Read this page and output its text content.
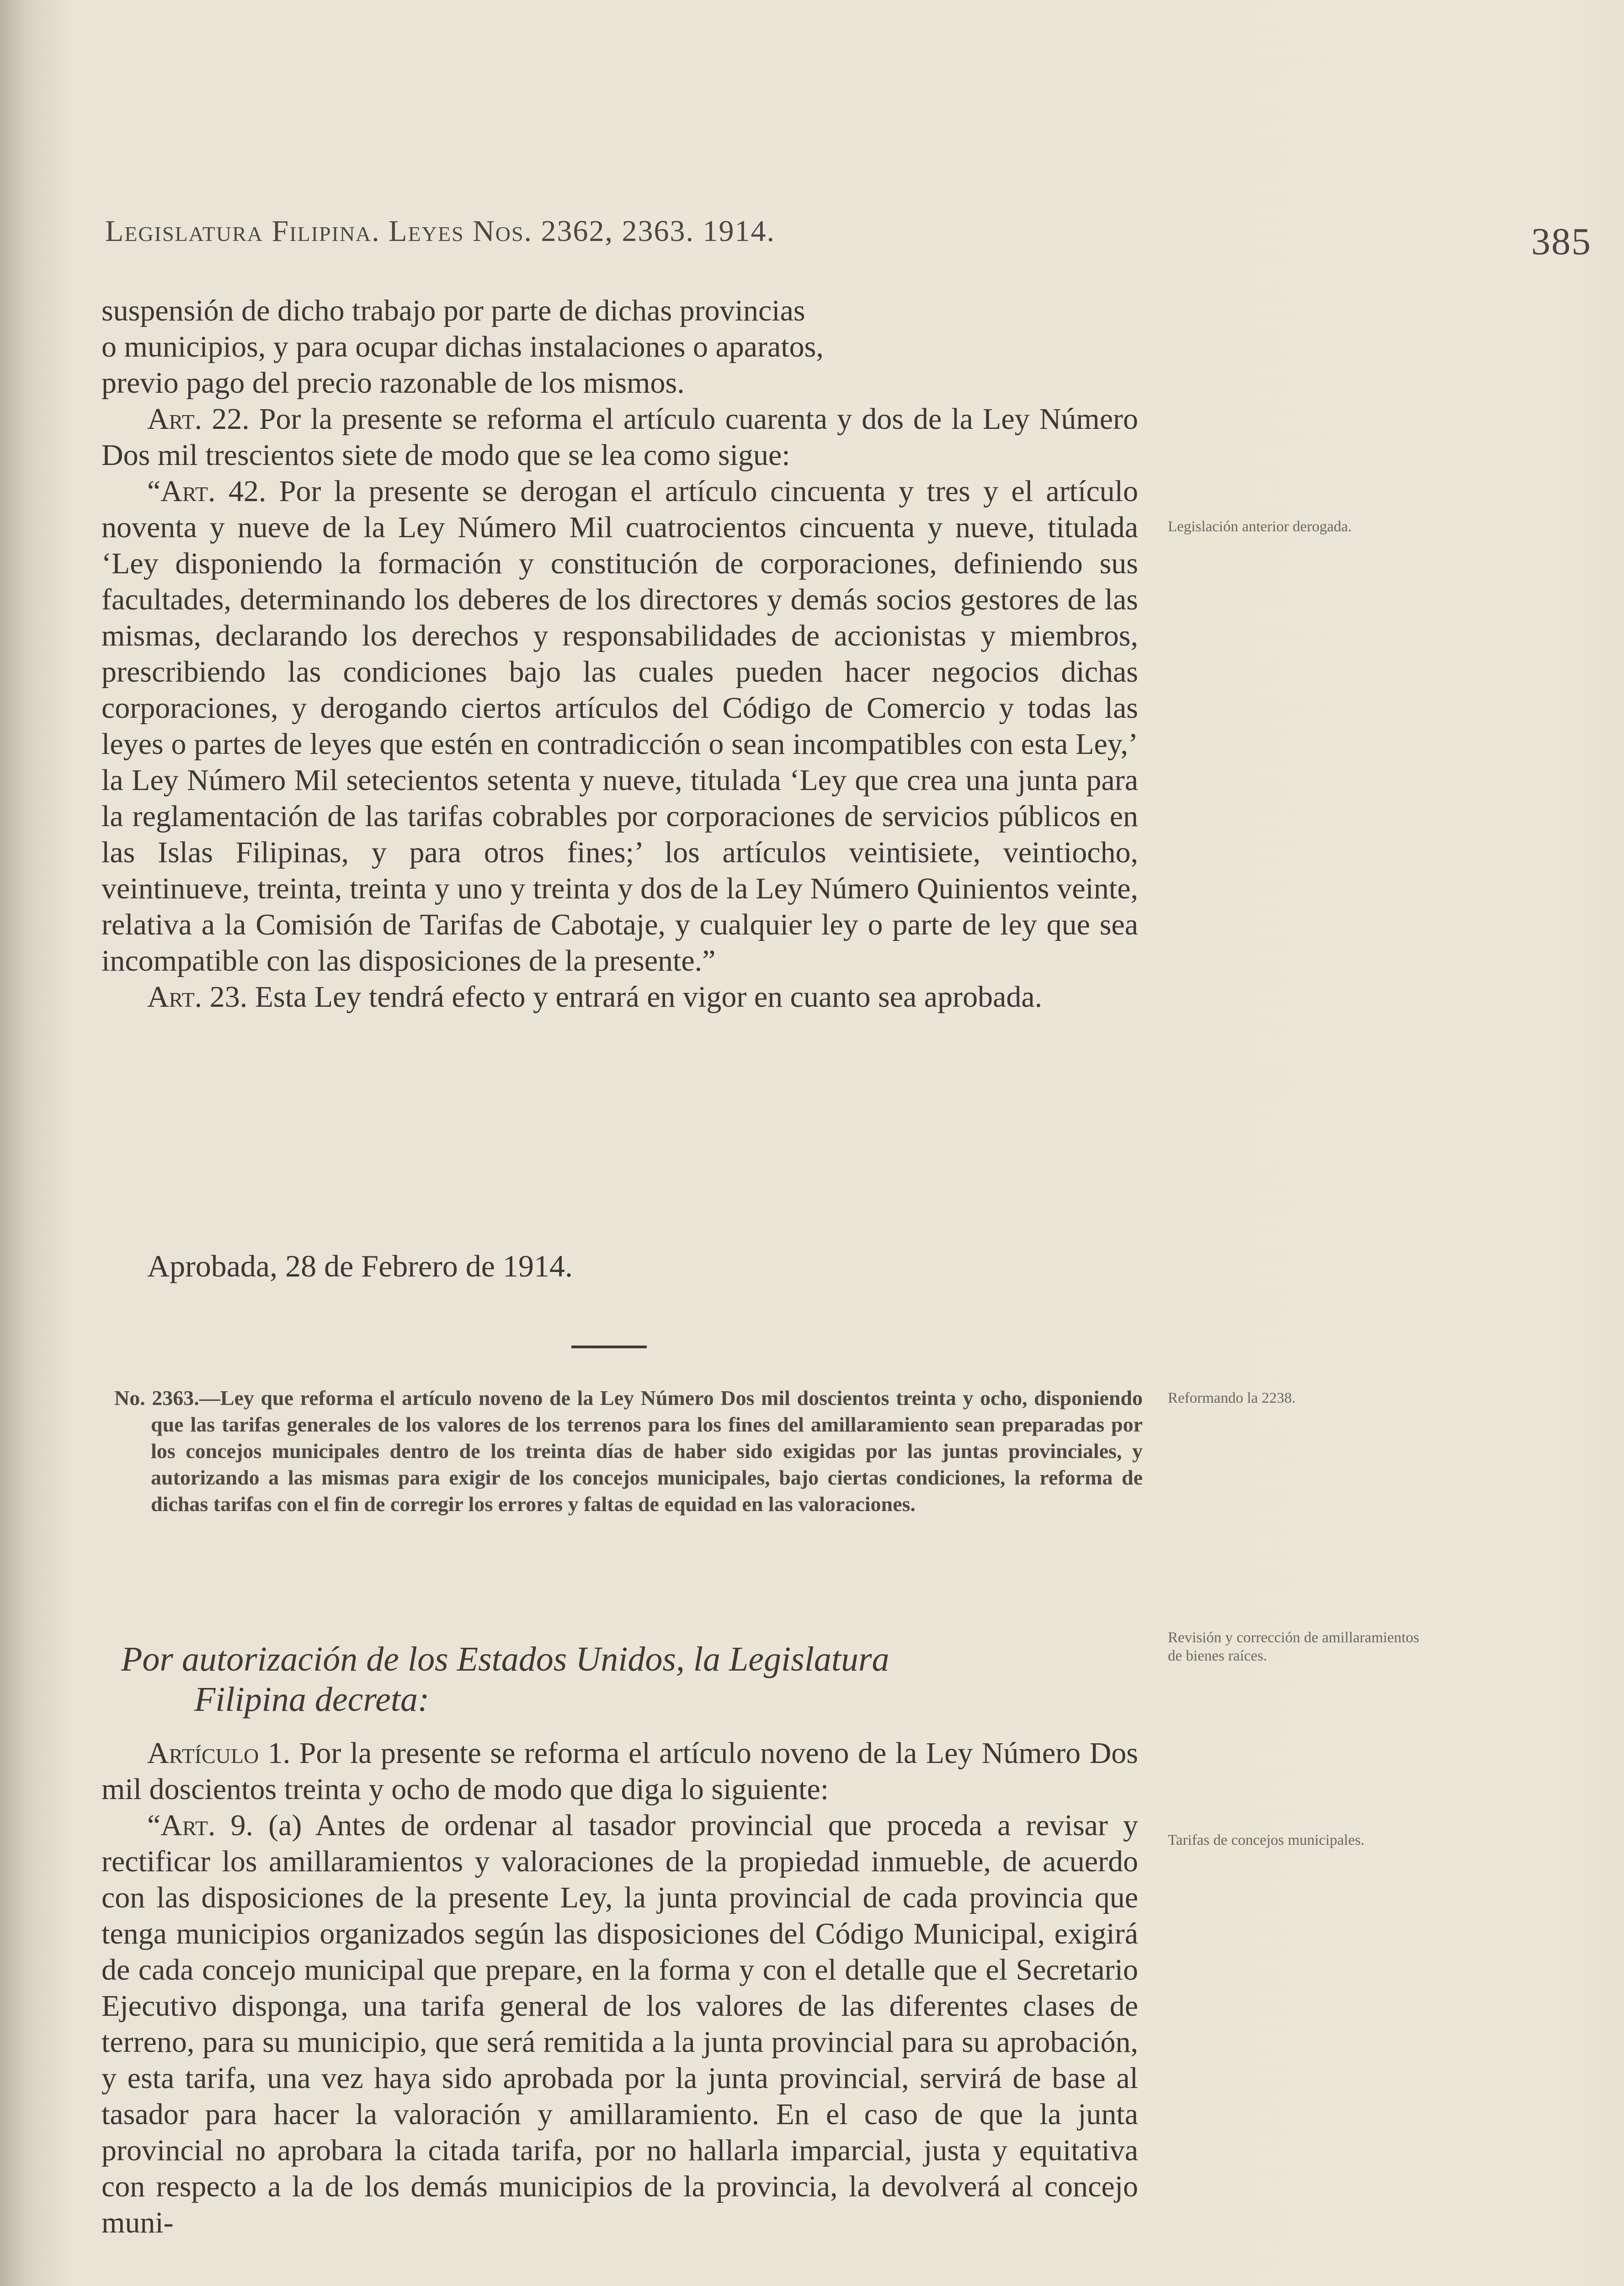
Legislatura Filipina. Leyes Nos. 2362, 2363. 1914.	385

suspensión de dicho trabajo por parte de dichas provincias

o municipios, y para ocupar dichas instalaciones o aparatos,

previo pago del precio razonable de los mismos.

Art. 22. Por la presente se reforma el artículo cuarenta y dos de la Ley Número Dos mil trescientos siete de modo que se lea como sigue:

“Art. 42. Por la presente se derogan el artículo cincuenta y tres y el artículo noventa y nueve de la Ley Número Mil cuatrocientos cincuenta y nueve, titulada ‘Ley disponiendo la formación y constitución de corporaciones, definiendo sus facultades, determinando los deberes de los directores y demás socios gestores de las mismas, declarando los derechos y responsabilidades de accionistas y miembros, prescribiendo las condiciones bajo las cuales pueden hacer negocios dichas corporaciones, y derogando ciertos artículos del Código de Comercio y todas las leyes o partes de leyes que estén en contradicción o sean incompatibles con esta Ley,’ la Ley Número Mil setecientos setenta y nueve, titulada ‘Ley que crea una junta para la reglamentación de las tarifas cobrables por corporaciones de servicios públicos en las Islas Filipinas, y para otros fines;’ los artículos veintisiete, veintiocho, veintinueve, treinta, treinta y uno y treinta y dos de la Ley Número Quinientos veinte, relativa a la Comisión de Tarifas de Cabotaje, y cualquier ley o parte de ley que sea incompatible con las disposiciones de la presente.”

Art. 23. Esta Ley tendrá efecto y entrará en vigor en cuanto sea aprobada.

Aprobada, 28 de Febrero de 1914.
No. 2363.—Ley que reforma el artículo noveno de la Ley Número Dos mil doscientos treinta y ocho, disponiendo que las tarifas generales de los valores de los terrenos para los fines del amillaramiento sean preparadas por los concejos municipales dentro de los treinta días de haber sido exigidas por las juntas provinciales, y autorizando a las mismas para exigir de los concejos municipales, bajo ciertas condiciones, la reforma de dichas tarifas con el fin de corregir los errores y faltas de equidad en las valoraciones.
Por autorización de los Estados Unidos, la Legislatura
Filipina decreta:

Artículo 1. Por la presente se reforma el artículo noveno de la Ley Número Dos mil doscientos treinta y ocho de modo que diga lo siguiente:

“Art. 9. (a) Antes de ordenar al tasador provincial que proceda a revisar y rectificar los amillaramientos y valoraciones de la propiedad inmueble, de acuerdo con las disposiciones de la presente Ley, la junta provincial de cada provincia que tenga municipios organizados según las disposiciones del Código Municipal, exigirá de cada concejo municipal que prepare, en la forma y con el detalle que el Secretario Ejecutivo disponga, una tarifa general de los valores de las diferentes clases de terreno, para su municipio, que será remitida a la junta provincial para su aprobación, y esta tarifa, una vez haya sido aprobada por la junta provincial, servirá de base al tasador para hacer la valoración y amillaramiento. En el caso de que la junta provincial no aprobara la citada tarifa, por no hallarla imparcial, justa y equitativa con respecto a la de los demás municipios de la provincia, la devolverá al concejo muni-

Legislación anterior derogada.
Reformando la 2238.
Revisión y corrección de amillaramientos de bienes raíces.
Tarifas de concejos municipales.
